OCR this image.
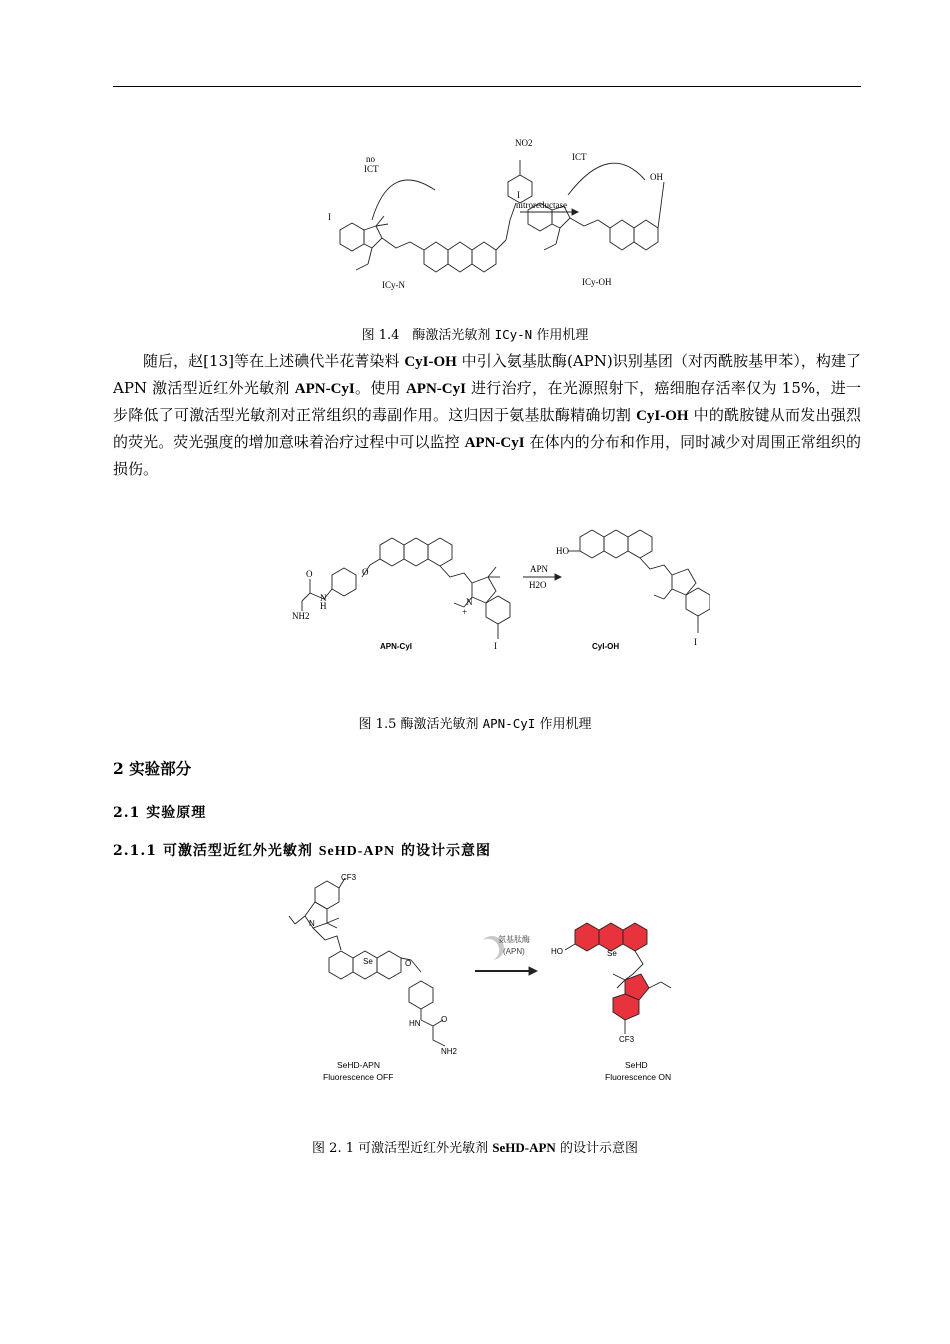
no
ICT
I
NO2
nitroreductase
ICT
I
OH
ICy-N	ICy-OH
图 1.4　酶激活光敏剂 ICy-N 作用机理

随后，赵[13]等在上述碘代半花菁染料 CyI-OH 中引入氨基肽酶(APN)识别基团（对丙酰胺基甲苯），构建了 APN 激活型近红外光敏剂 APN-CyI。使用 APN-CyI 进行治疗，在光源照射下，癌细胞存活率仅为 15%，进一步降低了可激活型光敏剂对正常组织的毒副作用。这归因于氨基肽酶精确切割 CyI-OH 中的酰胺键从而发出强烈的荧光。荧光强度的增加意味着治疗过程中可以监控 APN-CyI 在体内的分布和作用，同时减少对周围正常组织的损伤。

O
O
N
H
NH2
N
+
I
APN
H2O
HO
I
APN-CyI	CyI-OH
图 1.5 酶激活光敏剂 APN-CyI 作用机理

2 实验部分

2.1 实验原理

2.1.1 可激活型近红外光敏剂 SeHD-APN 的设计示意图

CF3
N
Se	O
HN	O
NH2
氨基肽酶
(APN)	HO	Se
CF3
SeHD-APN
Fluorescence OFF
SeHD
Fluorescence ON
图 2. 1 可激活型近红外光敏剂 SeHD-APN 的设计示意图
